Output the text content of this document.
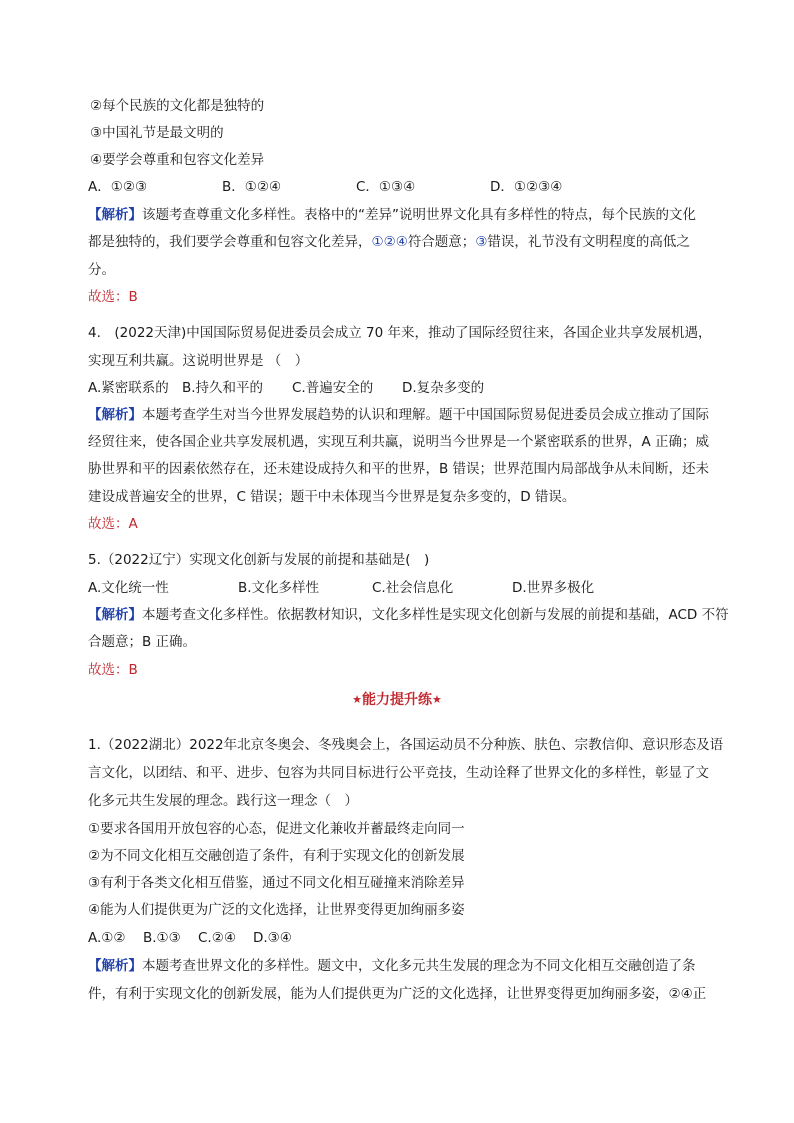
②每个民族的文化都是独特的
③中国礼节是最文明的
④要学会尊重和包容文化差异
A．①②③	B．①②④	C．①③④	D．①②③④
【解析】该题考查尊重文化多样性。表格中的“差异”说明世界文化具有多样性的特点，每个民族的文化
都是独特的，我们要学会尊重和包容文化差异，①②④符合题意；③错误，礼节没有文明程度的高低之
分。
故选：B
4.　(2022天津)中国国际贸易促进委员会成立 70 年来，推动了国际经贸往来，各国企业共享发展机遇，
实现互利共赢。这说明世界是 （　）
A.紧密联系的 B.持久和平的 C.普遍安全的 D.复杂多变的
【解析】本题考查学生对当今世界发展趋势的认识和理解。题干中国国际贸易促进委员会成立推动了国际
经贸往来，使各国企业共享发展机遇，实现互利共赢，说明当今世界是一个紧密联系的世界，A 正确；威
胁世界和平的因素依然存在，还未建设成持久和平的世界，B 错误；世界范围内局部战争从未间断，还未
建设成普遍安全的世界，C 错误；题干中未体现当今世界是复杂多变的，D 错误。
故选：A
5.（2022辽宁）实现文化创新与发展的前提和基础是(　)
A.文化统一性	B.文化多样性	C.社会信息化	D.世界多极化
【解析】本题考查文化多样性。依据教材知识，文化多样性是实现文化创新与发展的前提和基础，ACD 不符
合题意；B 正确。
故选：B
★能力提升练★
1.（2022湖北）2022年北京冬奥会、冬残奥会上，各国运动员不分种族、肤色、宗教信仰、意识形态及语
言文化，以团结、和平、进步、包容为共同目标进行公平竞技，生动诠释了世界文化的多样性，彰显了文
化多元共生发展的理念。践行这一理念（　）
①要求各国用开放包容的心态，促进文化兼收并蓄最终走向同一
②为不同文化相互交融创造了条件，有利于实现文化的创新发展
③有利于各类文化相互借鉴，通过不同文化相互碰撞来消除差异
④能为人们提供更为广泛的文化选择，让世界变得更加绚丽多姿
A.①② B.①③ C.②④ D.③④
【解析】本题考查世界文化的多样性。题文中，文化多元共生发展的理念为不同文化相互交融创造了条
件，有利于实现文化的创新发展，能为人们提供更为广泛的文化选择，让世界变得更加绚丽多姿，②④正
